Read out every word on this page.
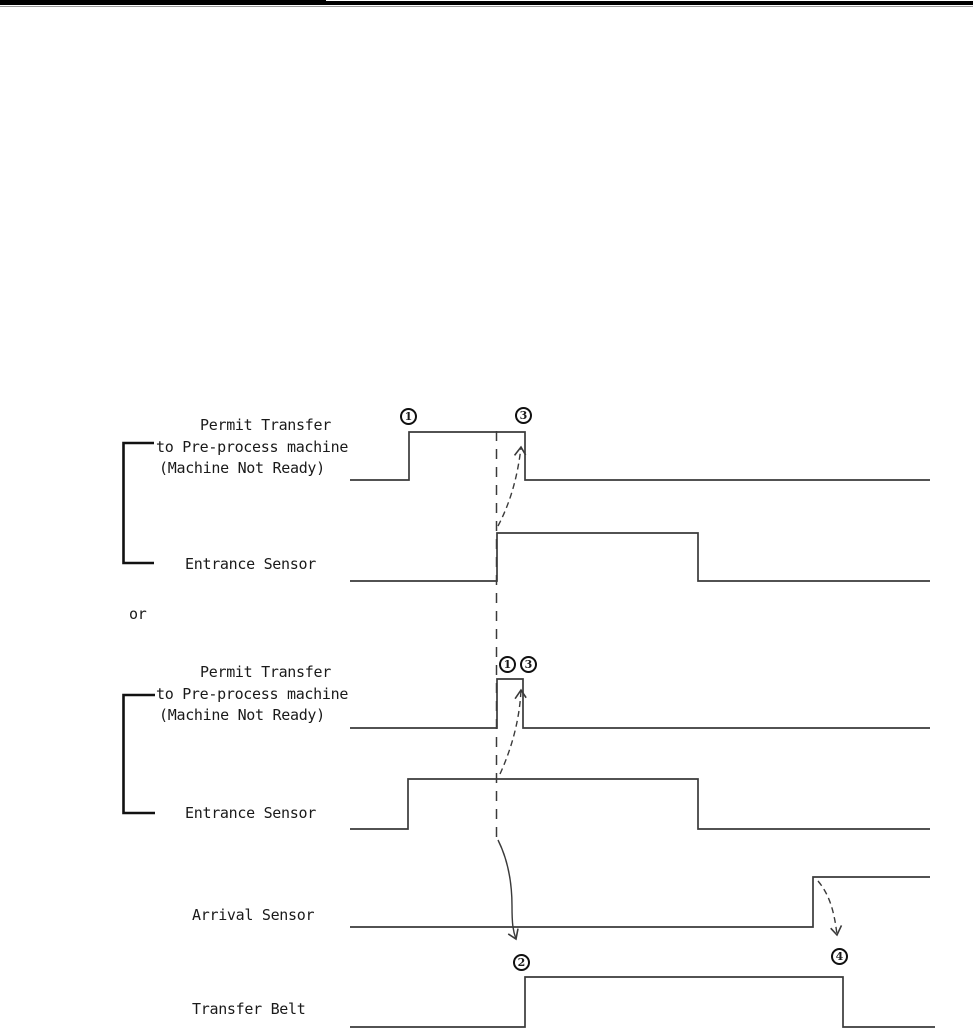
Permit Transfer
to Pre-process machine
(Machine Not Ready)
Entrance Sensor
or
Permit Transfer
to Pre-process machine
(Machine Not Ready)
Entrance Sensor
Arrival Sensor
Transfer Belt
1	3
1	3
2	4
